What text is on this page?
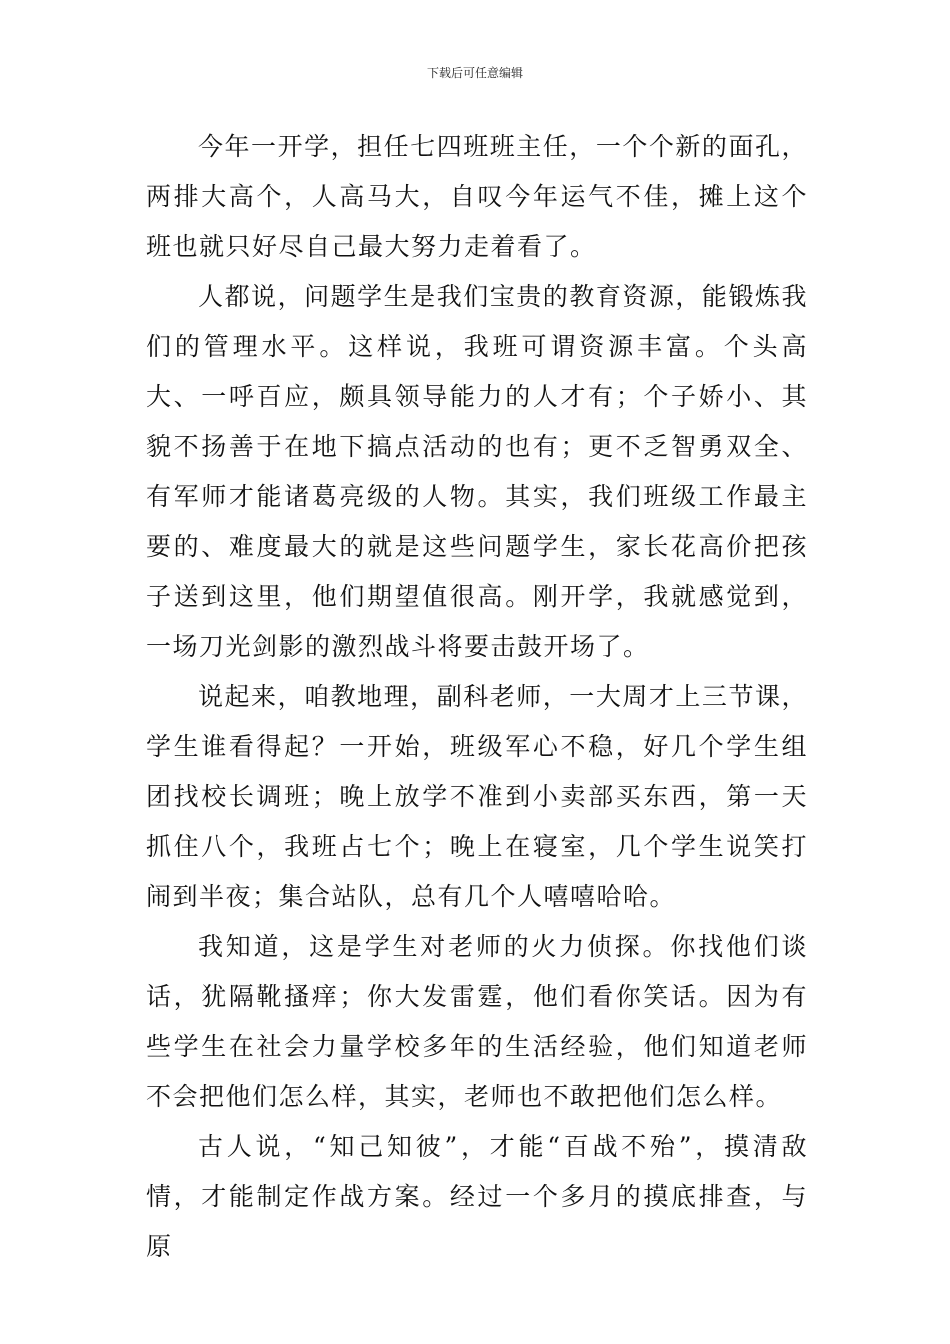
下载后可任意编辑

今年一开学，担任七四班班主任，一个个新的面孔，两排大高个，人高马大，自叹今年运气不佳，摊上这个班也就只好尽自己最大努力走着看了。

人都说，问题学生是我们宝贵的教育资源，能锻炼我们的管理水平。这样说，我班可谓资源丰富。个头高大、一呼百应，颇具领导能力的人才有；个子娇小、其貌不扬善于在地下搞点活动的也有；更不乏智勇双全、有军师才能诸葛亮级的人物。其实，我们班级工作最主要的、难度最大的就是这些问题学生，家长花高价把孩子送到这里，他们期望值很高。刚开学，我就感觉到，一场刀光剑影的激烈战斗将要击鼓开场了。

说起来，咱教地理，副科老师，一大周才上三节课，学生谁看得起？一开始，班级军心不稳，好几个学生组团找校长调班；晚上放学不准到小卖部买东西，第一天抓住八个，我班占七个；晚上在寝室，几个学生说笑打闹到半夜；集合站队，总有几个人嘻嘻哈哈。

我知道，这是学生对老师的火力侦探。你找他们谈话，犹隔靴搔痒；你大发雷霆，他们看你笑话。因为有些学生在社会力量学校多年的生活经验，他们知道老师不会把他们怎么样，其实，老师也不敢把他们怎么样。

古人说，“知己知彼”，才能“百战不殆”，摸清敌情，才能制定作战方案。经过一个多月的摸底排查，与原
